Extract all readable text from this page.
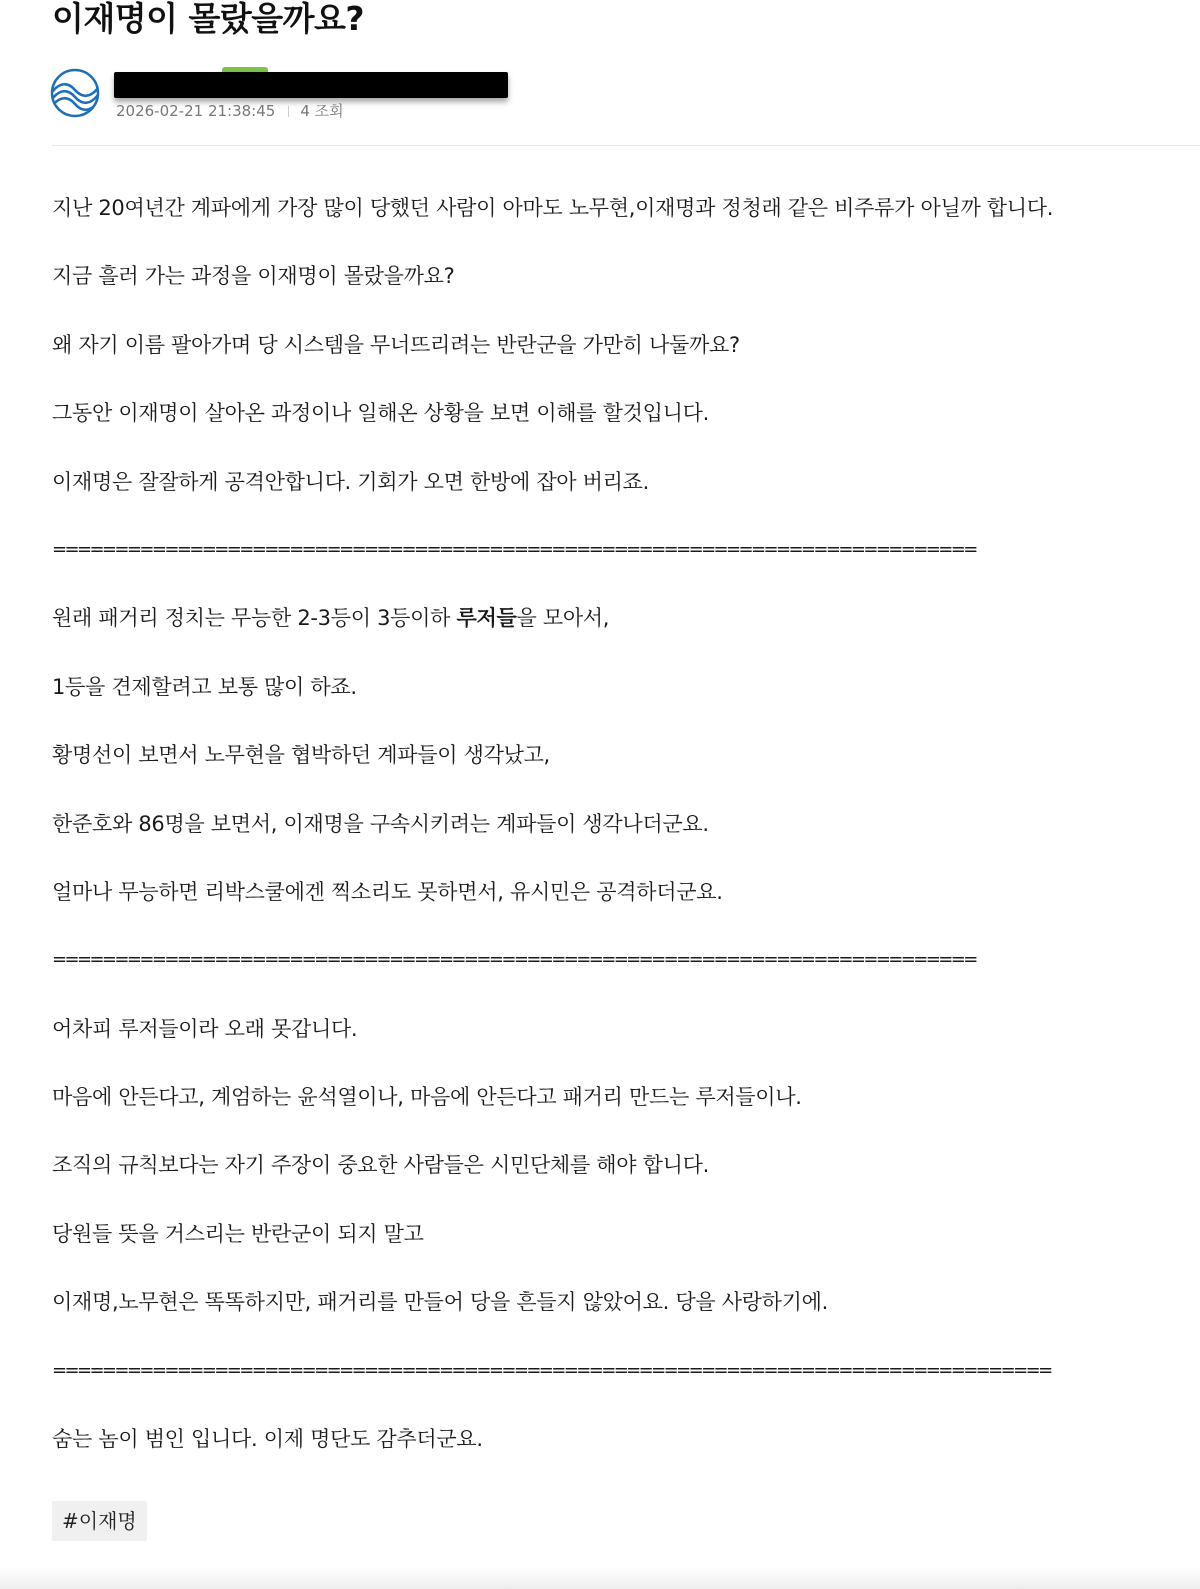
이재명이 몰랐을까요?
2026-02-21 21:38:45 4 조회
지난 20여년간 계파에게 가장 많이 당했던 사람이 아마도 노무현,이재명과 정청래 같은 비주류가 아닐까 합니다.
지금 흘러 가는 과정을 이재명이 몰랐을까요?
왜 자기 이름 팔아가며 당 시스템을 무너뜨리려는 반란군을 가만히 나둘까요?
그동안 이재명이 살아온 과정이나 일해온 상황을 보면 이해를 할것입니다.
이재명은 잘잘하게 공격안합니다. 기회가 오면 한방에 잡아 버리죠.
==========================================================================
원래 패거리 정치는 무능한 2-3등이 3등이하 루저들을 모아서,
1등을 견제할려고 보통 많이 하죠.
황명선이 보면서 노무현을 협박하던 계파들이 생각났고,
한준호와 86명을 보면서, 이재명을 구속시키려는 계파들이 생각나더군요.
얼마나 무능하면 리박스쿨에겐 찍소리도 못하면서, 유시민은 공격하더군요.
==========================================================================
어차피 루저들이라 오래 못갑니다.
마음에 안든다고, 계엄하는 윤석열이나, 마음에 안든다고 패거리 만드는 루저들이나.
조직의 규칙보다는 자기 주장이 중요한 사람들은 시민단체를 해야 합니다.
당원들 뜻을 거스리는 반란군이 되지 말고
이재명,노무현은 똑똑하지만, 패거리를 만들어 당을 흔들지 않았어요. 당을 사랑하기에.
================================================================================
숨는 놈이 범인 입니다. 이제 명단도 감추더군요.
#이재명
